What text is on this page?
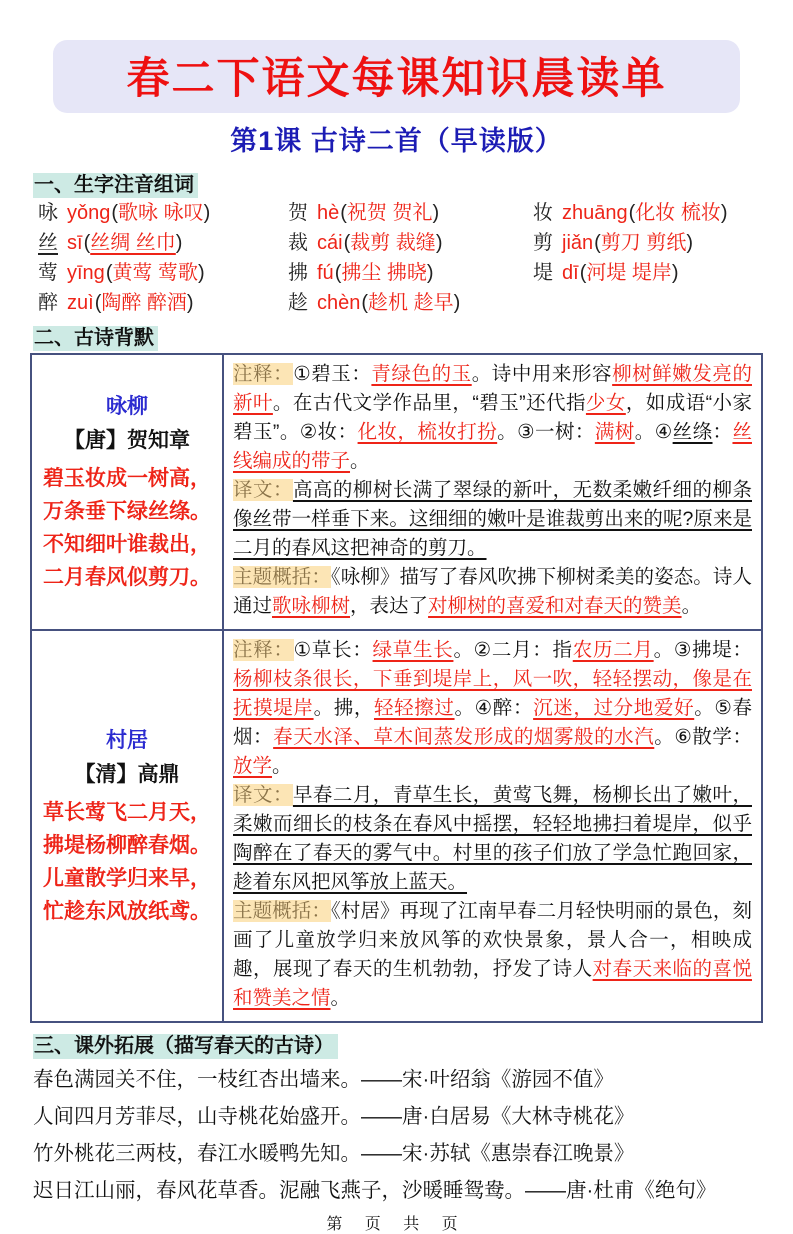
春二下语文每课知识晨读单
第1课 古诗二首（早读版）
一、生字注音组词
咏 yǒng(歌咏 咏叹)	贺 hè(祝贺 贺礼)	妆 zhuāng(化妆 梳妆)
丝 sī(丝绸 丝巾)	裁 cái(裁剪 裁缝)	剪 jiǎn(剪刀 剪纸)
莺 yīng(黄莺 莺歌)	拂 fú(拂尘 拂晓)	堤 dī(河堤 堤岸)
醉 zuì(陶醉 醉酒)	趁 chèn(趁机 趁早)
二、古诗背默
咏柳
【唐】贺知章
碧玉妆成一树高，
万条垂下绿丝绦。
不知细叶谁裁出，
二月春风似剪刀。
注释：①碧玉：青绿色的玉。诗中用来形容柳树鲜嫩发亮的新叶。在古代文学作品里，“碧玉”还代指少女，如成语“小家碧玉”。②妆：化妆，梳妆打扮。③一树：满树。④丝绦：丝线编成的带子。
译文：高高的柳树长满了翠绿的新叶，无数柔嫩纤细的柳条像丝带一样垂下来。这细细的嫩叶是谁裁剪出来的呢?原来是二月的春风这把神奇的剪刀。
主题概括：《咏柳》描写了春风吹拂下柳树柔美的姿态。诗人通过歌咏柳树，表达了对柳树的喜爱和对春天的赞美。
村居
【清】高鼎
草长莺飞二月天，
拂堤杨柳醉春烟。
儿童散学归来早，
忙趁东风放纸鸢。
注释：①草长：绿草生长。②二月：指农历二月。③拂堤：杨柳枝条很长，下垂到堤岸上，风一吹，轻轻摆动，像是在抚摸堤岸。拂，轻轻擦过。④醉：沉迷，过分地爱好。⑤春烟：春天水泽、草木间蒸发形成的烟雾般的水汽。⑥散学：放学。
译文：早春二月，青草生长，黄莺飞舞，杨柳长出了嫩叶，柔嫩而细长的枝条在春风中摇摆，轻轻地拂扫着堤岸，似乎陶醉在了春天的雾气中。村里的孩子们放了学急忙跑回家，趁着东风把风筝放上蓝天。
主题概括：《村居》再现了江南早春二月轻快明丽的景色，刻画了儿童放学归来放风筝的欢快景象，景人合一，相映成趣，展现了春天的生机勃勃，抒发了诗人对春天来临的喜悦和赞美之情。
三、课外拓展（描写春天的古诗）
春色满园关不住，一枝红杏出墙来。——宋·叶绍翁《游园不值》
人间四月芳菲尽，山寺桃花始盛开。——唐·白居易《大林寺桃花》
竹外桃花三两枝，春江水暖鸭先知。——宋·苏轼《惠崇春江晚景》
迟日江山丽，春风花草香。泥融飞燕子，沙暖睡鸳鸯。——唐·杜甫《绝句》
第 页 共 页
